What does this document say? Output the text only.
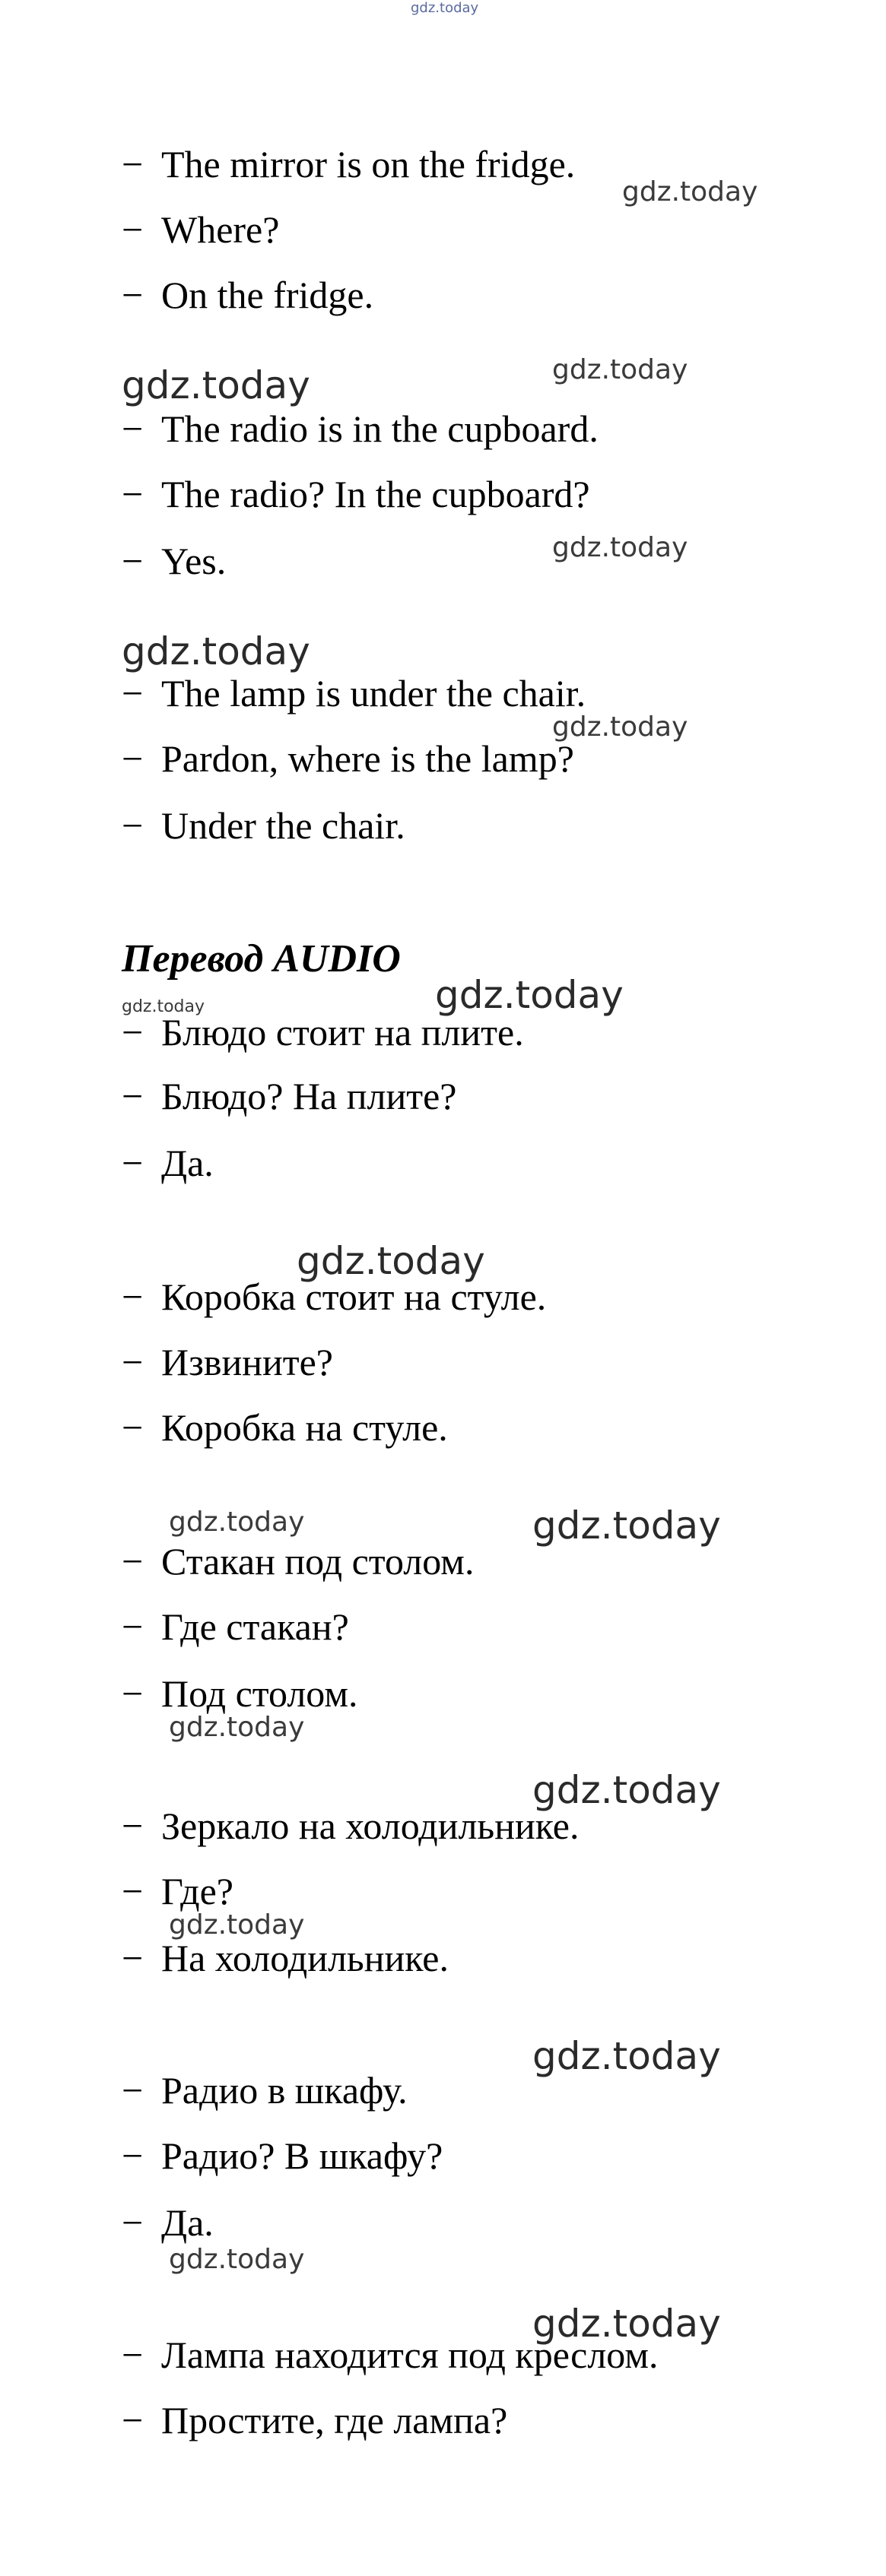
gdz.today
gdz.today
gdz.today
gdz.today
gdz.today
gdz.today
gdz.today
gdz.today	gdz.today
gdz.today
gdz.today	gdz.today
gdz.today
gdz.today
gdz.today
gdz.today
gdz.today
gdz.today
− The mirror is on the fridge.
− Where?
− On the fridge.
− The radio is in the cupboard.
− The radio? In the cupboard?
− Yes.
− The lamp is under the chair.
− Pardon, where is the lamp?
− Under the chair.
Перевод AUDIO
− Блюдо стоит на плите.
− Блюдо? На плите?
− Да.
− Коробка стоит на стуле.
− Извините?
− Коробка на стуле.
− Стакан под столом.
− Где стакан?
− Под столом.
− Зеркало на холодильнике.
− Где?
− На холодильнике.
− Радио в шкафу.
− Радио? В шкафу?
− Да.
− Лампа находится под креслом.
− Простите, где лампа?
